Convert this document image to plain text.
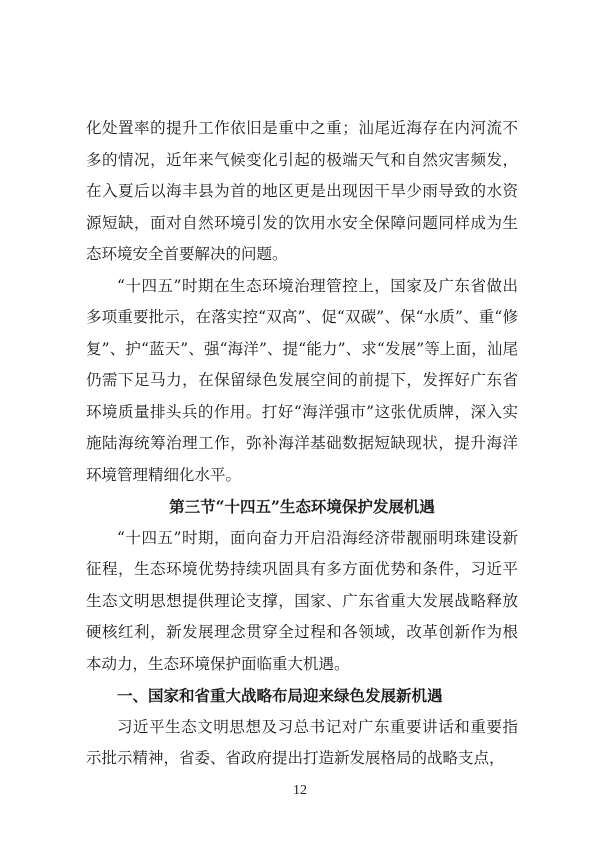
化处置率的提升工作依旧是重中之重；汕尾近海存在内河流不多的情况，近年来气候变化引起的极端天气和自然灾害频发，在入夏后以海丰县为首的地区更是出现因干旱少雨导致的水资源短缺，面对自然环境引发的饮用水安全保障问题同样成为生态环境安全首要解决的问题。

“十四五”时期在生态环境治理管控上，国家及广东省做出多项重要批示，在落实控“双高”、促“双碳”、保“水质”、重“修复”、护“蓝天”、强“海洋”、提“能力”、求“发展”等上面，汕尾仍需下足马力，在保留绿色发展空间的前提下，发挥好广东省环境质量排头兵的作用。打好“海洋强市”这张优质牌，深入实施陆海统筹治理工作，弥补海洋基础数据短缺现状，提升海洋环境管理精细化水平。

第三节“十四五”生态环境保护发展机遇

“十四五”时期，面向奋力开启沿海经济带靓丽明珠建设新征程，生态环境优势持续巩固具有多方面优势和条件，习近平生态文明思想提供理论支撑，国家、广东省重大发展战略释放硬核红利，新发展理念贯穿全过程和各领域，改革创新作为根本动力，生态环境保护面临重大机遇。

一、国家和省重大战略布局迎来绿色发展新机遇

习近平生态文明思想及习总书记对广东重要讲话和重要指示批示精神，省委、省政府提出打造新发展格局的战略支点，

12
